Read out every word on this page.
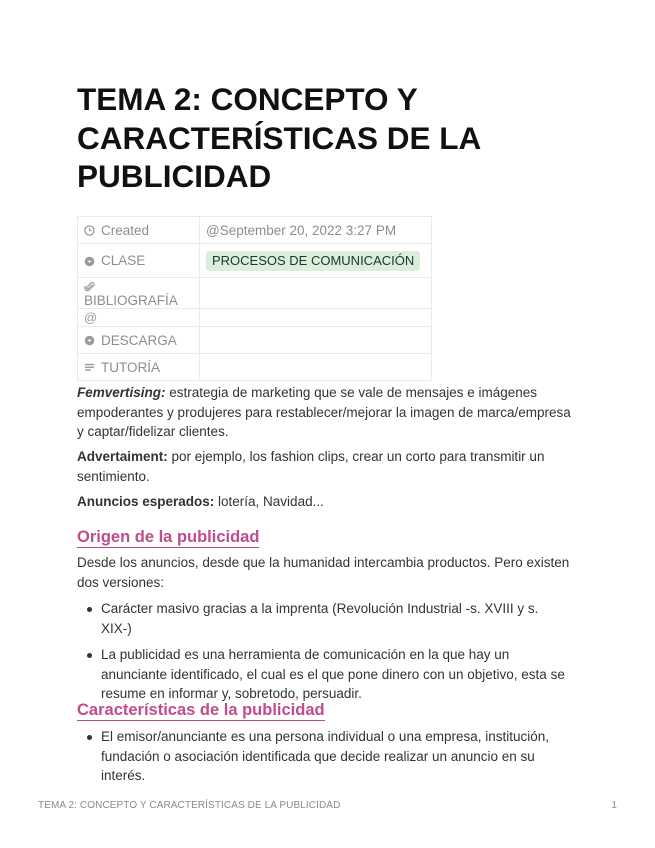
TEMA 2: CONCEPTO Y CARACTERÍSTICAS DE LA PUBLICIDAD
Created	@September 20, 2022 3:27 PM

CLASE	PROCESOS DE COMUNICACIÓN

BIBLIOGRAFÍA	
@	

DESCARGA	

TUTORÍA	

Femvertising: estrategia de marketing que se vale de mensajes e imágenes empoderantes y produjeres para restablecer/mejorar la imagen de marca/empresa y captar/fidelizar clientes.

Advertaiment: por ejemplo, los fashion clips, crear un corto para transmitir un sentimiento.

Anuncios esperados: lotería, Navidad...

Origen de la publicidad

Desde los anuncios, desde que la humanidad intercambia productos. Pero existen dos versiones:

Carácter masivo gracias a la imprenta (Revolución Industrial -s. XVIII y s. XIX-)
La publicidad es una herramienta de comunicación en la que hay un anunciante identificado, el cual es el que pone dinero con un objetivo, esta se resume en informar y, sobretodo, persuadir.
Características de la publicidad
El emisor/anunciante es una persona individual o una empresa, institución, fundación o asociación identificada que decide realizar un anuncio en su interés.
TEMA 2: CONCEPTO Y CARACTERÍSTICAS DE LA PUBLICIDAD	1
